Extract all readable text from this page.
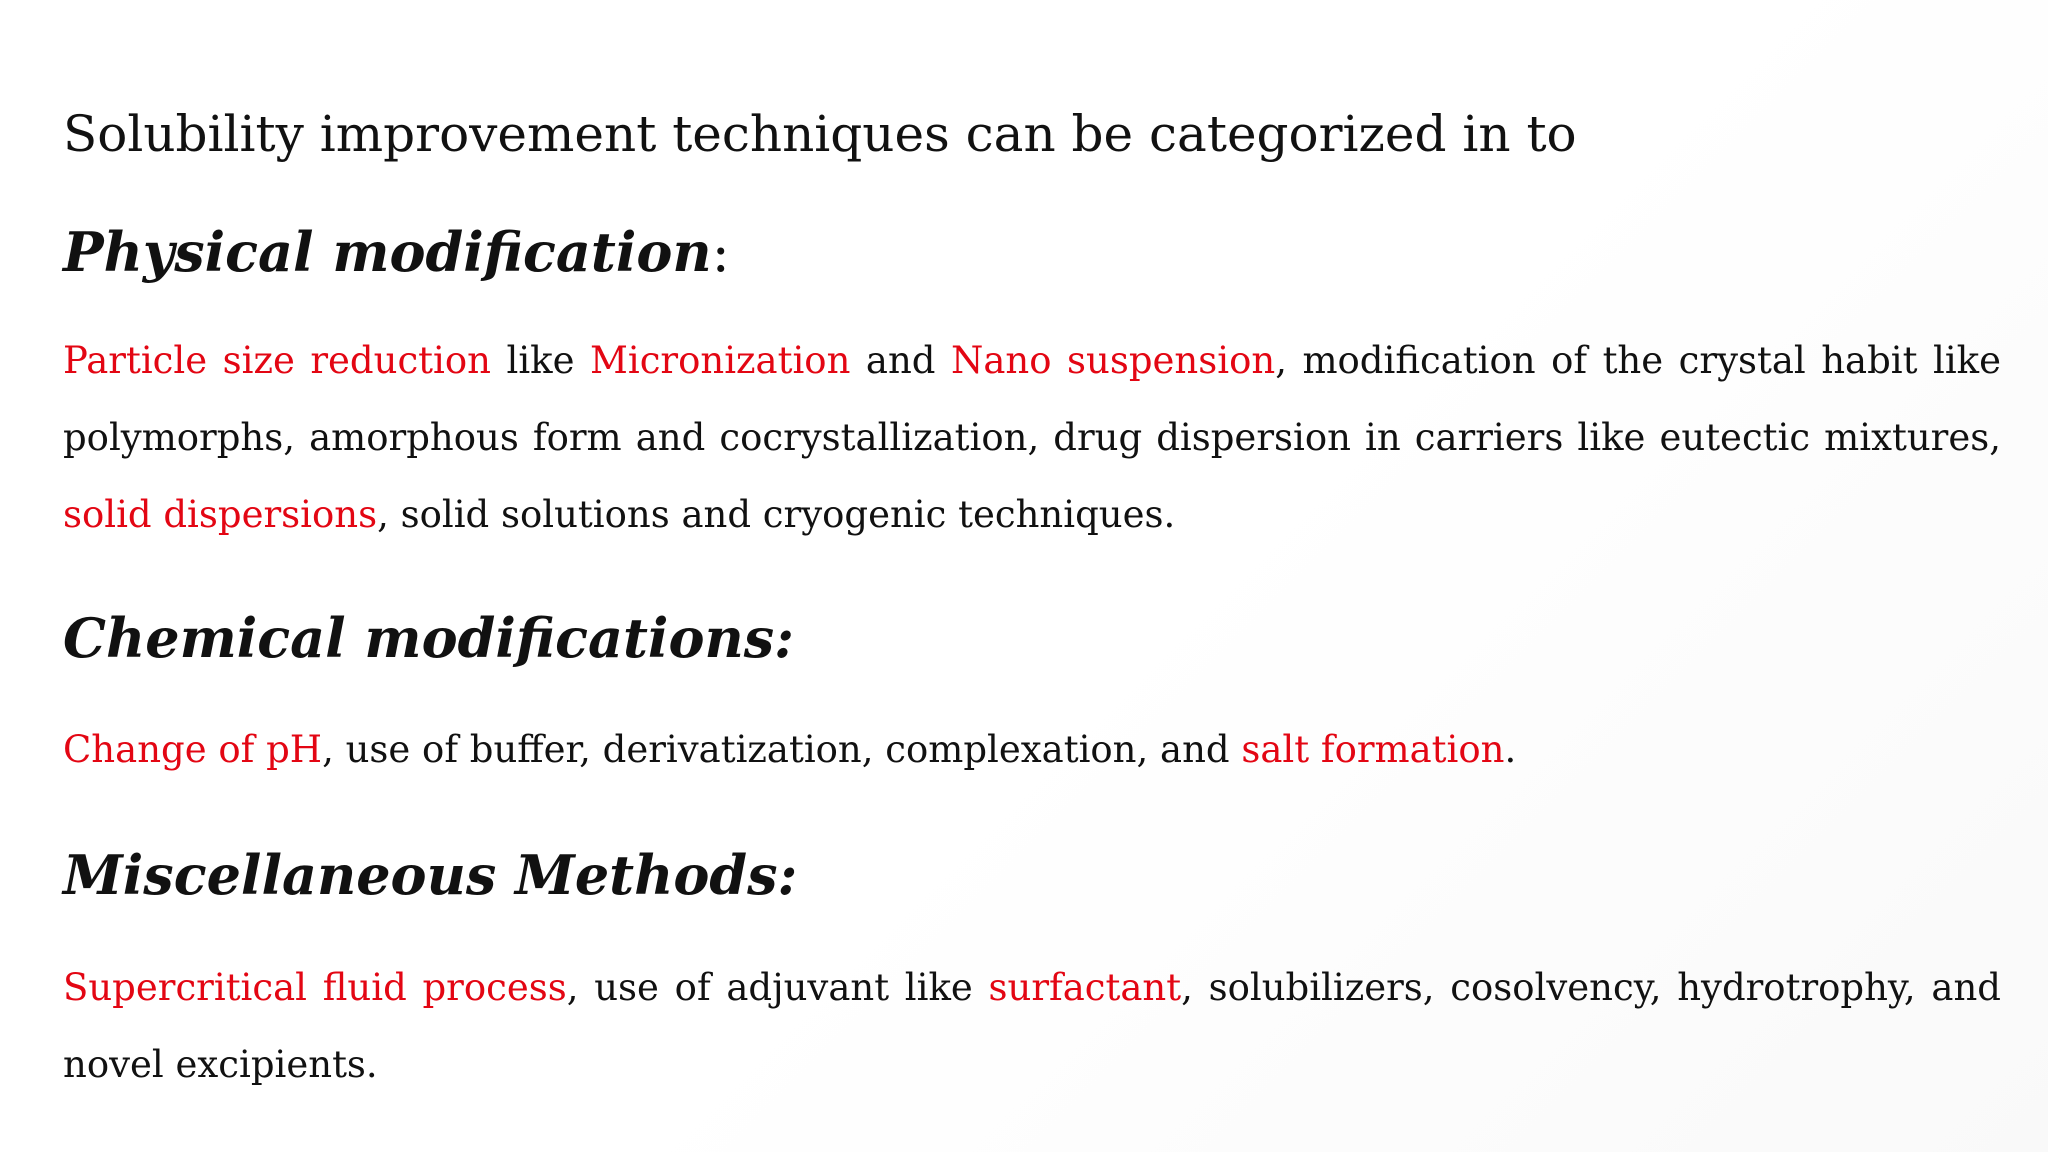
Solubility improvement techniques can be categorized in to

Physical modification:

Particle size reduction like Micronization and Nano suspension, modification of the crystal habit like polymorphs, amorphous form and cocrystallization, drug dispersion in carriers like eutectic mixtures, solid dispersions, solid solutions and cryogenic techniques.

Chemical modifications:

Change of pH, use of buffer, derivatization, complexation, and salt formation.

Miscellaneous Methods:

Supercritical fluid process, use of adjuvant like surfactant, solubilizers, cosolvency, hydrotrophy, and novel excipients.
